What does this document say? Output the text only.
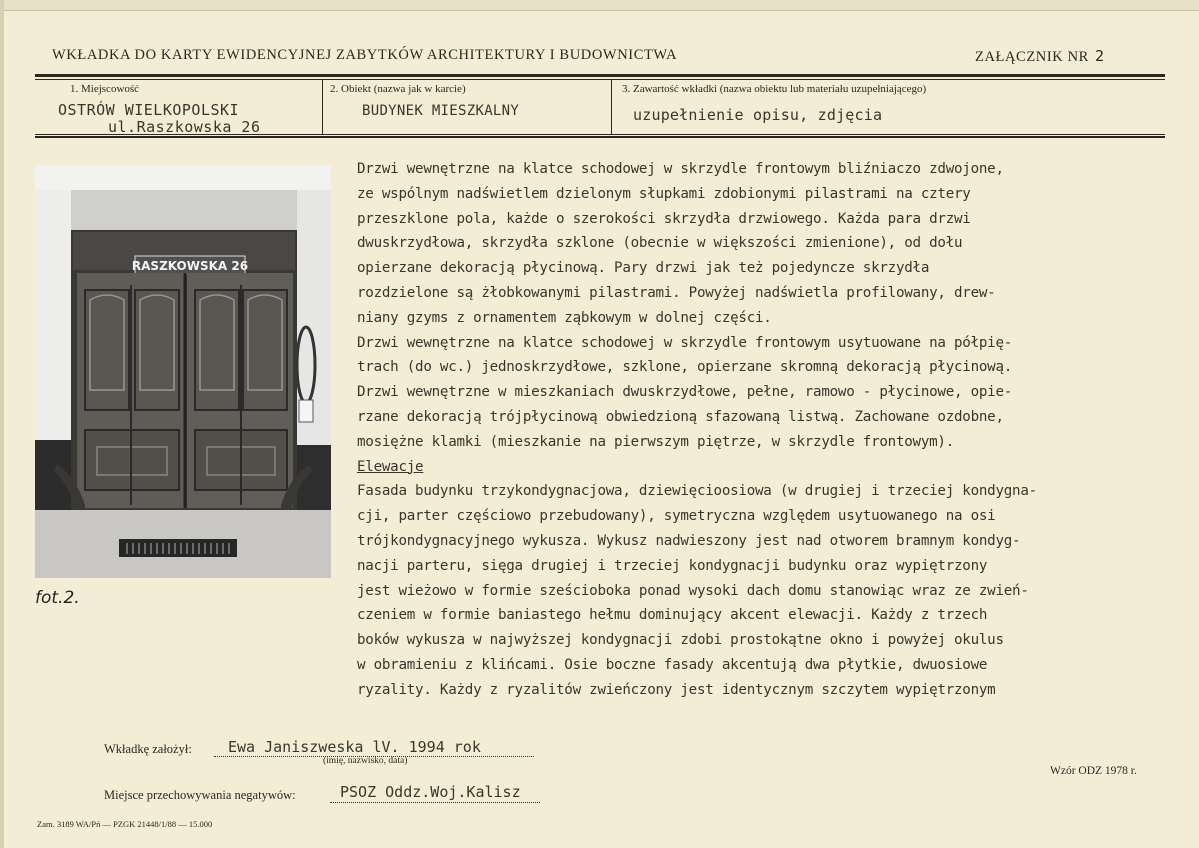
WKŁADKA DO KARTY EWIDENCYJNEJ ZABYTKÓW ARCHITEKTURY I BUDOWNICTWA	ZAŁĄCZNIK NR 2
1. Miejscowość
OSTRÓW WIELKOPOLSKI
ul.Raszkowska 26
2. Obiekt (nazwa jak w karcie)
BUDYNEK MIESZKALNY
3. Zawartość wkładki (nazwa obiektu lub materiału uzupełniającego)
uzupełnienie opisu, zdjęcia
RASZKOWSKA 26
fot.2.
Drzwi wewnętrzne na klatce schodowej w skrzydle frontowym bliźniaczo zdwojone,
ze wspólnym nadświetlem dzielonym słupkami zdobionymi pilastrami na cztery
przeszklone pola, każde o szerokości skrzydła drzwiowego. Każda para drzwi
dwuskrzydłowa, skrzydła szklone (obecnie w większości zmienione), od dołu
opierzane dekoracją płycinową. Pary drzwi jak też pojedyncze skrzydła
rozdzielone są żłobkowanymi pilastrami. Powyżej nadświetla profilowany, drew-
niany gzyms z ornamentem ząbkowym w dolnej części.
Drzwi wewnętrzne na klatce schodowej w skrzydle frontowym usytuowane na półpię-
trach (do wc.) jednoskrzydłowe, szklone, opierzane skromną dekoracją płycinową.
Drzwi wewnętrzne w mieszkaniach dwuskrzydłowe, pełne, ramowo - płycinowe, opie-
rzane dekoracją trójpłycinową obwiedzioną sfazowaną listwą. Zachowane ozdobne,
mosiężne klamki (mieszkanie na pierwszym piętrze, w skrzydle frontowym).
Elewacje
Fasada budynku trzykondygnacjowa, dziewięcioosiowa (w drugiej i trzeciej kondygna-
cji, parter częściowo przebudowany), symetryczna względem usytuowanego na osi
trójkondygnacyjnego wykusza. Wykusz nadwieszony jest nad otworem bramnym kondyg-
nacji parteru, sięga drugiej i trzeciej kondygnacji budynku oraz wypiętrzony
jest wieżowo w formie sześcioboka ponad wysoki dach domu stanowiąc wraz ze zwień-
czeniem w formie baniastego hełmu dominujący akcent elewacji. Każdy z trzech
boków wykusza w najwyższej kondygnacji zdobi prostokątne okno i powyżej okulus
w obramieniu z klińcami. Osie boczne fasady akcentują dwa płytkie, dwuosiowe
ryzality. Każdy z ryzalitów zwieńczony jest identycznym szczytem wypiętrzonym
Wkładkę założył: Ewa Janiszweska lV. 1994 rok
(imię, nazwisko, data)
Miejsce przechowywania negatywów:	PSOZ Oddz.Woj.Kalisz
Wzór ODZ 1978 r.
Zam. 3189 WA/Pń — PZGK 21448/1/88 — 15.000
